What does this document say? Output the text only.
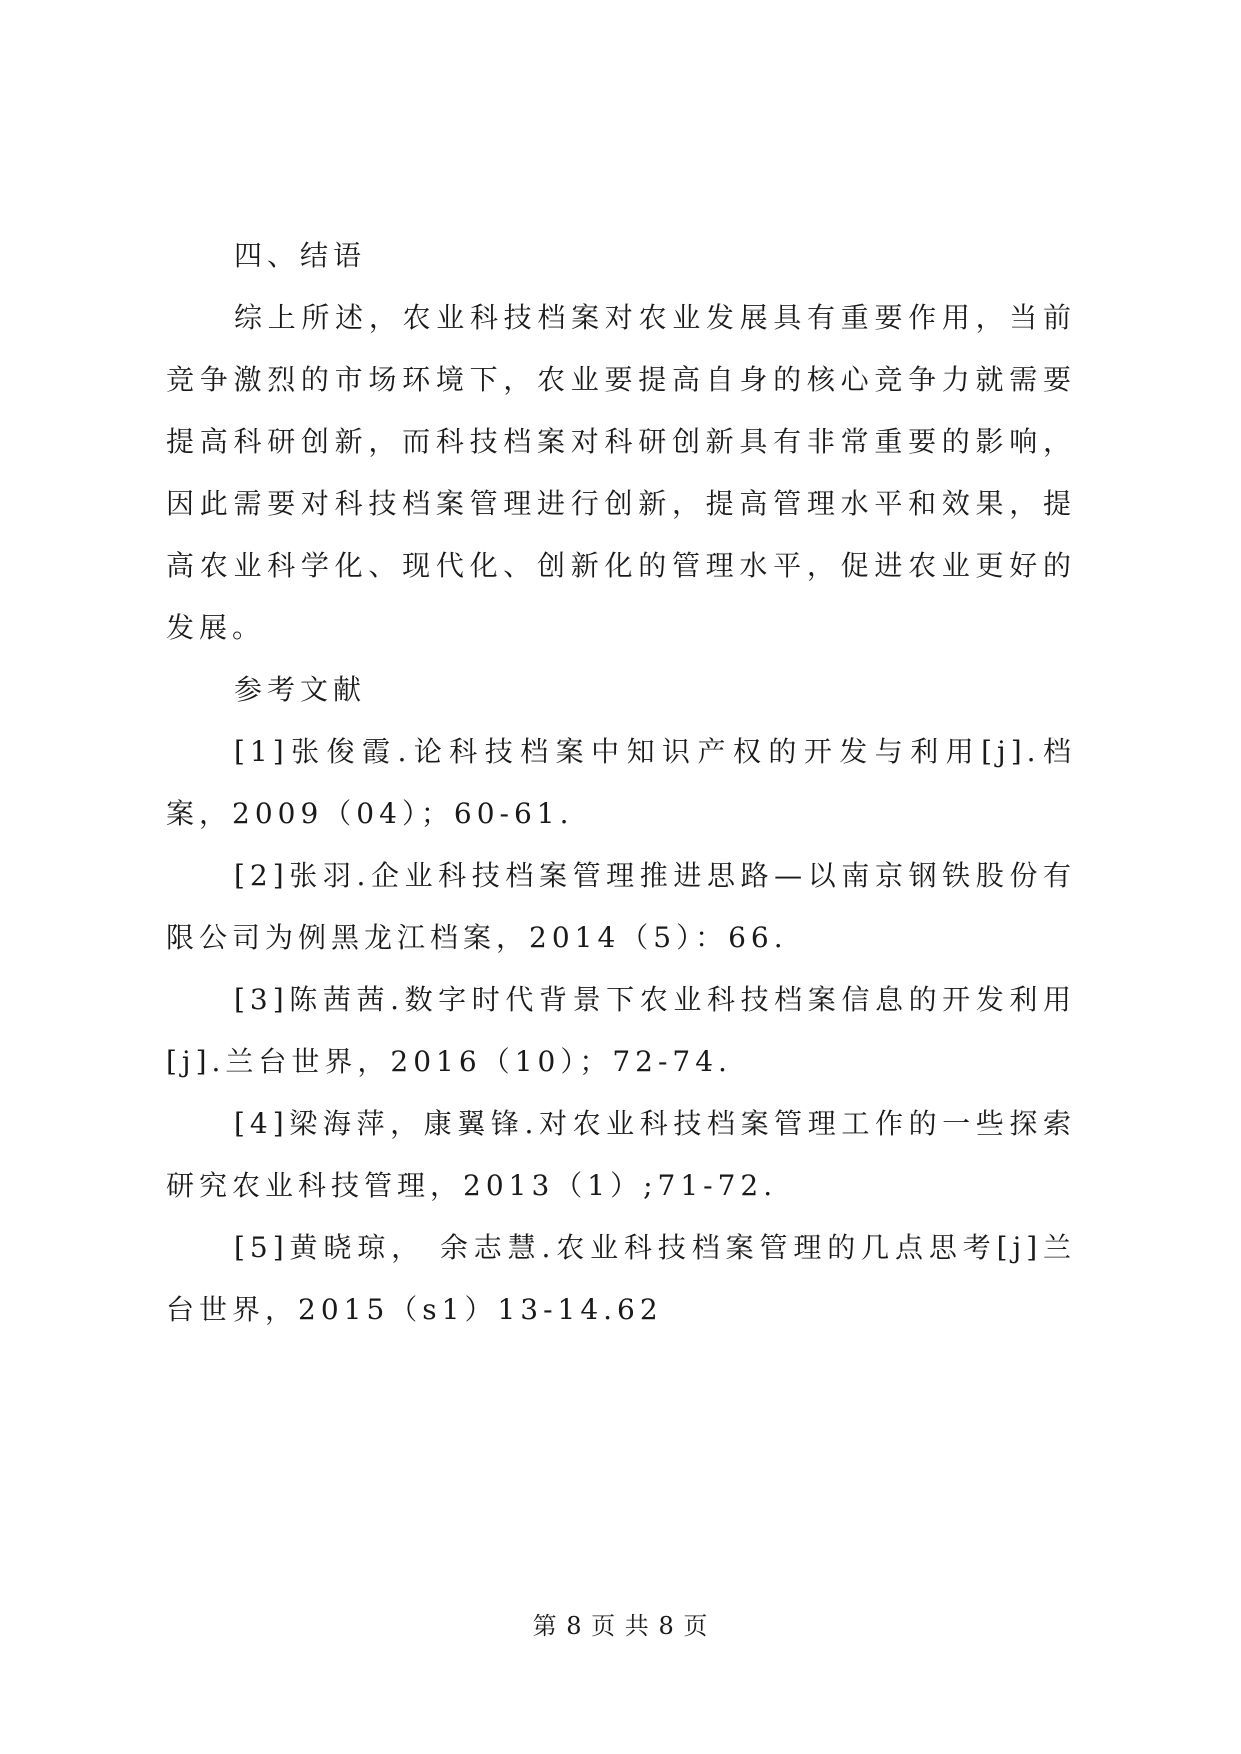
四、结语

综上所述，农业科技档案对农业发展具有重要作用，当前竞争激烈的市场环境下，农业要提高自身的核心竞争力就需要提高科研创新，而科技档案对科研创新具有非常重要的影响，因此需要对科技档案管理进行创新，提高管理水平和效果，提高农业科学化、现代化、创新化的管理水平，促进农业更好的发展。

参考文献

[1]张俊霞.论科技档案中知识产权的开发与利用[j].档案，2009（04）；60-61.

[2]张羽.企业科技档案管理推进思路—以南京钢铁股份有限公司为例黑龙江档案，2014（5）：66.

[3]陈茜茜.数字时代背景下农业科技档案信息的开发利用[j].兰台世界，2016（10）；72-74.

[4]梁海萍，康翼锋.对农业科技档案管理工作的一些探索研究农业科技管理，2013（1）;71-72.

[5]黄晓琼， 余志慧.农业科技档案管理的几点思考[j]兰台世界，2015（s1）13-14.62

第 8 页 共 8 页
